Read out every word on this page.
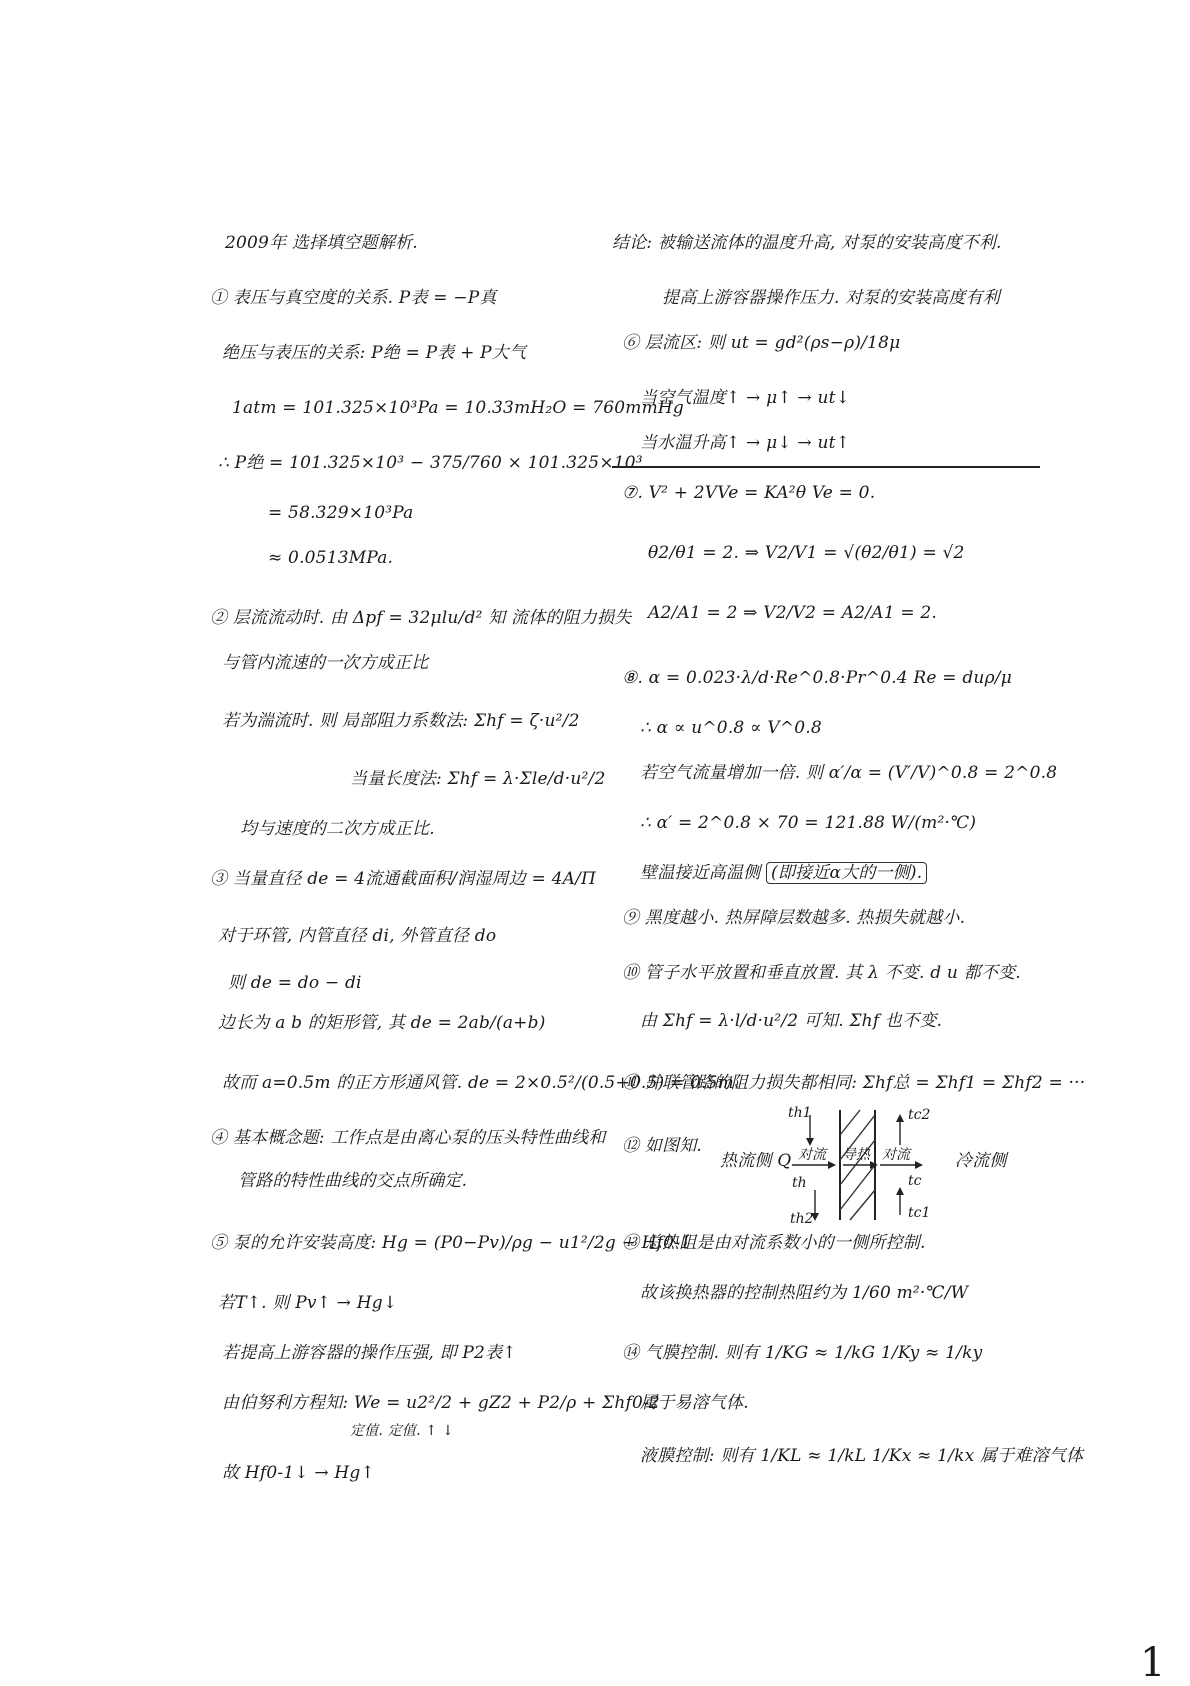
2009年 选择填空题解析.
① 表压与真空度的关系. P表 = −P真
绝压与表压的关系: P绝 = P表 + P大气
1atm = 101.325×10³Pa = 10.33mH₂O = 760mmHg
∴ P绝 = 101.325×10³ − 375/760 × 101.325×10³
= 58.329×10³Pa
≈ 0.0513MPa.
② 层流流动时. 由 Δpf = 32μlu/d² 知 流体的阻力损失
与管内流速的一次方成正比
若为湍流时. 则 局部阻力系数法: Σhf = ζ·u²/2
当量长度法: Σhf = λ·Σle/d·u²/2
均与速度的二次方成正比.
③ 当量直径 de = 4流通截面积/润湿周边 = 4A/Π
对于环管, 内管直径 di, 外管直径 do
则 de = do − di
边长为 a b 的矩形管, 其 de = 2ab/(a+b)
故而 a=0.5m 的正方形通风管. de = 2×0.5²/(0.5+0.5) = 0.5m.
④ 基本概念题: 工作点是由离心泵的压头特性曲线和
管路的特性曲线的交点所确定.
⑤ 泵的允许安装高度: Hg = (P0−Pv)/ρg − u1²/2g − Hf0-1
若T↑. 则 Pv↑ → Hg↓
若提高上游容器的操作压强, 即 P2表↑
由伯努利方程知: We = u2²/2 + gZ2 + P2/ρ + Σhf0-2
定值. 定值. ↑ ↓
故 Hf0-1↓ → Hg↑
结论: 被输送流体的温度升高, 对泵的安装高度不利.
提高上游容器操作压力. 对泵的安装高度有利
⑥ 层流区: 则 ut = gd²(ρs−ρ)/18μ
当空气温度↑ → μ↑ → ut↓
当水温升高↑ → μ↓ → ut↑
⑦. V² + 2VVe = KA²θ Ve = 0.
θ2/θ1 = 2. ⇒ V2/V1 = √(θ2/θ1) = √2
A2/A1 = 2 ⇒ V2/V2 = A2/A1 = 2.
⑧. α = 0.023·λ/d·Re^0.8·Pr^0.4 Re = duρ/μ
∴ α ∝ u^0.8 ∝ V^0.8
若空气流量增加一倍. 则 α′/α = (V′/V)^0.8 = 2^0.8
∴ α′ = 2^0.8 × 70 = 121.88 W/(m²·℃)
壁温接近高温侧 (即接近α大的一侧).
⑨ 黑度越小. 热屏障层数越多. 热损失就越小.
⑩ 管子水平放置和垂直放置. 其 λ 不变. d u 都不变.
由 Σhf = λ·l/d·u²/2 可知. Σhf 也不变.
⑪ 并联管路的阻力损失都相同: Σhf总 = Σhf1 = Σhf2 = ···
⑫ 如图知.
热流侧 Q	冷流侧
th1
th
th2
tc2
tc
tc1
对流 导热 对流
⑬ 总热阻是由对流系数小的一侧所控制.
故该换热器的控制热阻约为 1/60 m²·℃/W
⑭ 气膜控制. 则有 1/KG ≈ 1/kG 1/Ky ≈ 1/ky
属于易溶气体.
液膜控制: 则有 1/KL ≈ 1/kL 1/Kx ≈ 1/kx 属于难溶气体
1
